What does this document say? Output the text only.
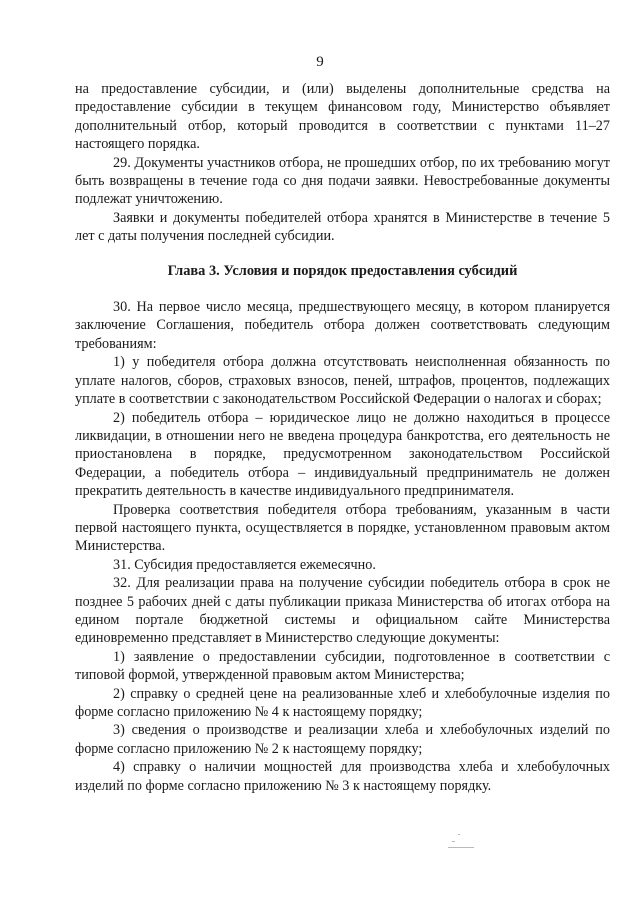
9

на предоставление субсидии, и (или) выделены дополнительные средства на предоставление субсидии в текущем финансовом году, Министерство объявляет дополнительный отбор, который проводится в соответствии с пунктами 11–27 настоящего порядка.

29. Документы участников отбора, не прошедших отбор, по их требованию могут быть возвращены в течение года со дня подачи заявки. Невостребованные документы подлежат уничтожению.

Заявки и документы победителей отбора хранятся в Министерстве в течение 5 лет с даты получения последней субсидии.

Глава 3. Условия и порядок предоставления субсидий

30. На первое число месяца, предшествующего месяцу, в котором планируется заключение Соглашения, победитель отбора должен соответствовать следующим требованиям:

1) у победителя отбора должна отсутствовать неисполненная обязанность по уплате налогов, сборов, страховых взносов, пеней, штрафов, процентов, подлежащих уплате в соответствии с законодательством Российской Федерации о налогах и сборах;

2) победитель отбора – юридическое лицо не должно находиться в процессе ликвидации, в отношении него не введена процедура банкротства, его деятельность не приостановлена в порядке, предусмотренном законодательством Российской Федерации, а победитель отбора – индивидуальный предприниматель не должен прекратить деятельность в качестве индивидуального предпринимателя.

Проверка соответствия победителя отбора требованиям, указанным в части первой настоящего пункта, осуществляется в порядке, установленном правовым актом Министерства.

31. Субсидия предоставляется ежемесячно.

32. Для реализации права на получение субсидии победитель отбора в срок не позднее 5 рабочих дней с даты публикации приказа Министерства об итогах отбора на едином портале бюджетной системы и официальном сайте Министерства единовременно представляет в Министерство следующие документы:

1) заявление о предоставлении субсидии, подготовленное в соответствии с типовой формой, утвержденной правовым актом Министерства;

2) справку о средней цене на реализованные хлеб и хлебобулочные изделия по форме согласно приложению № 4 к настоящему порядку;

3) сведения о производстве и реализации хлеба и хлебобулочных изделий по форме согласно приложению № 2 к настоящему порядку;

4) справку о наличии мощностей для производства хлеба и хлебобулочных изделий по форме согласно приложению № 3 к настоящему порядку.
